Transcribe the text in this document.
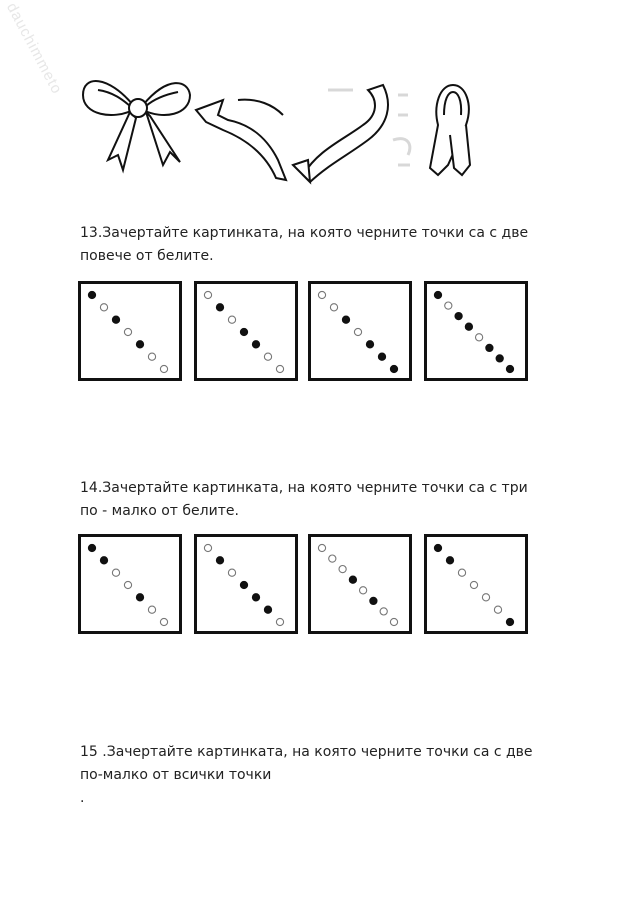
dauchimmeto
13.Зачертайте картинката, на която черните точки са с две
повече от белите.
14.Зачертайте картинката, на която черните точки са с три
по - малко от белите.
15 .Зачертайте картинката, на която черните точки са с две
по-малко от всички точки
.
